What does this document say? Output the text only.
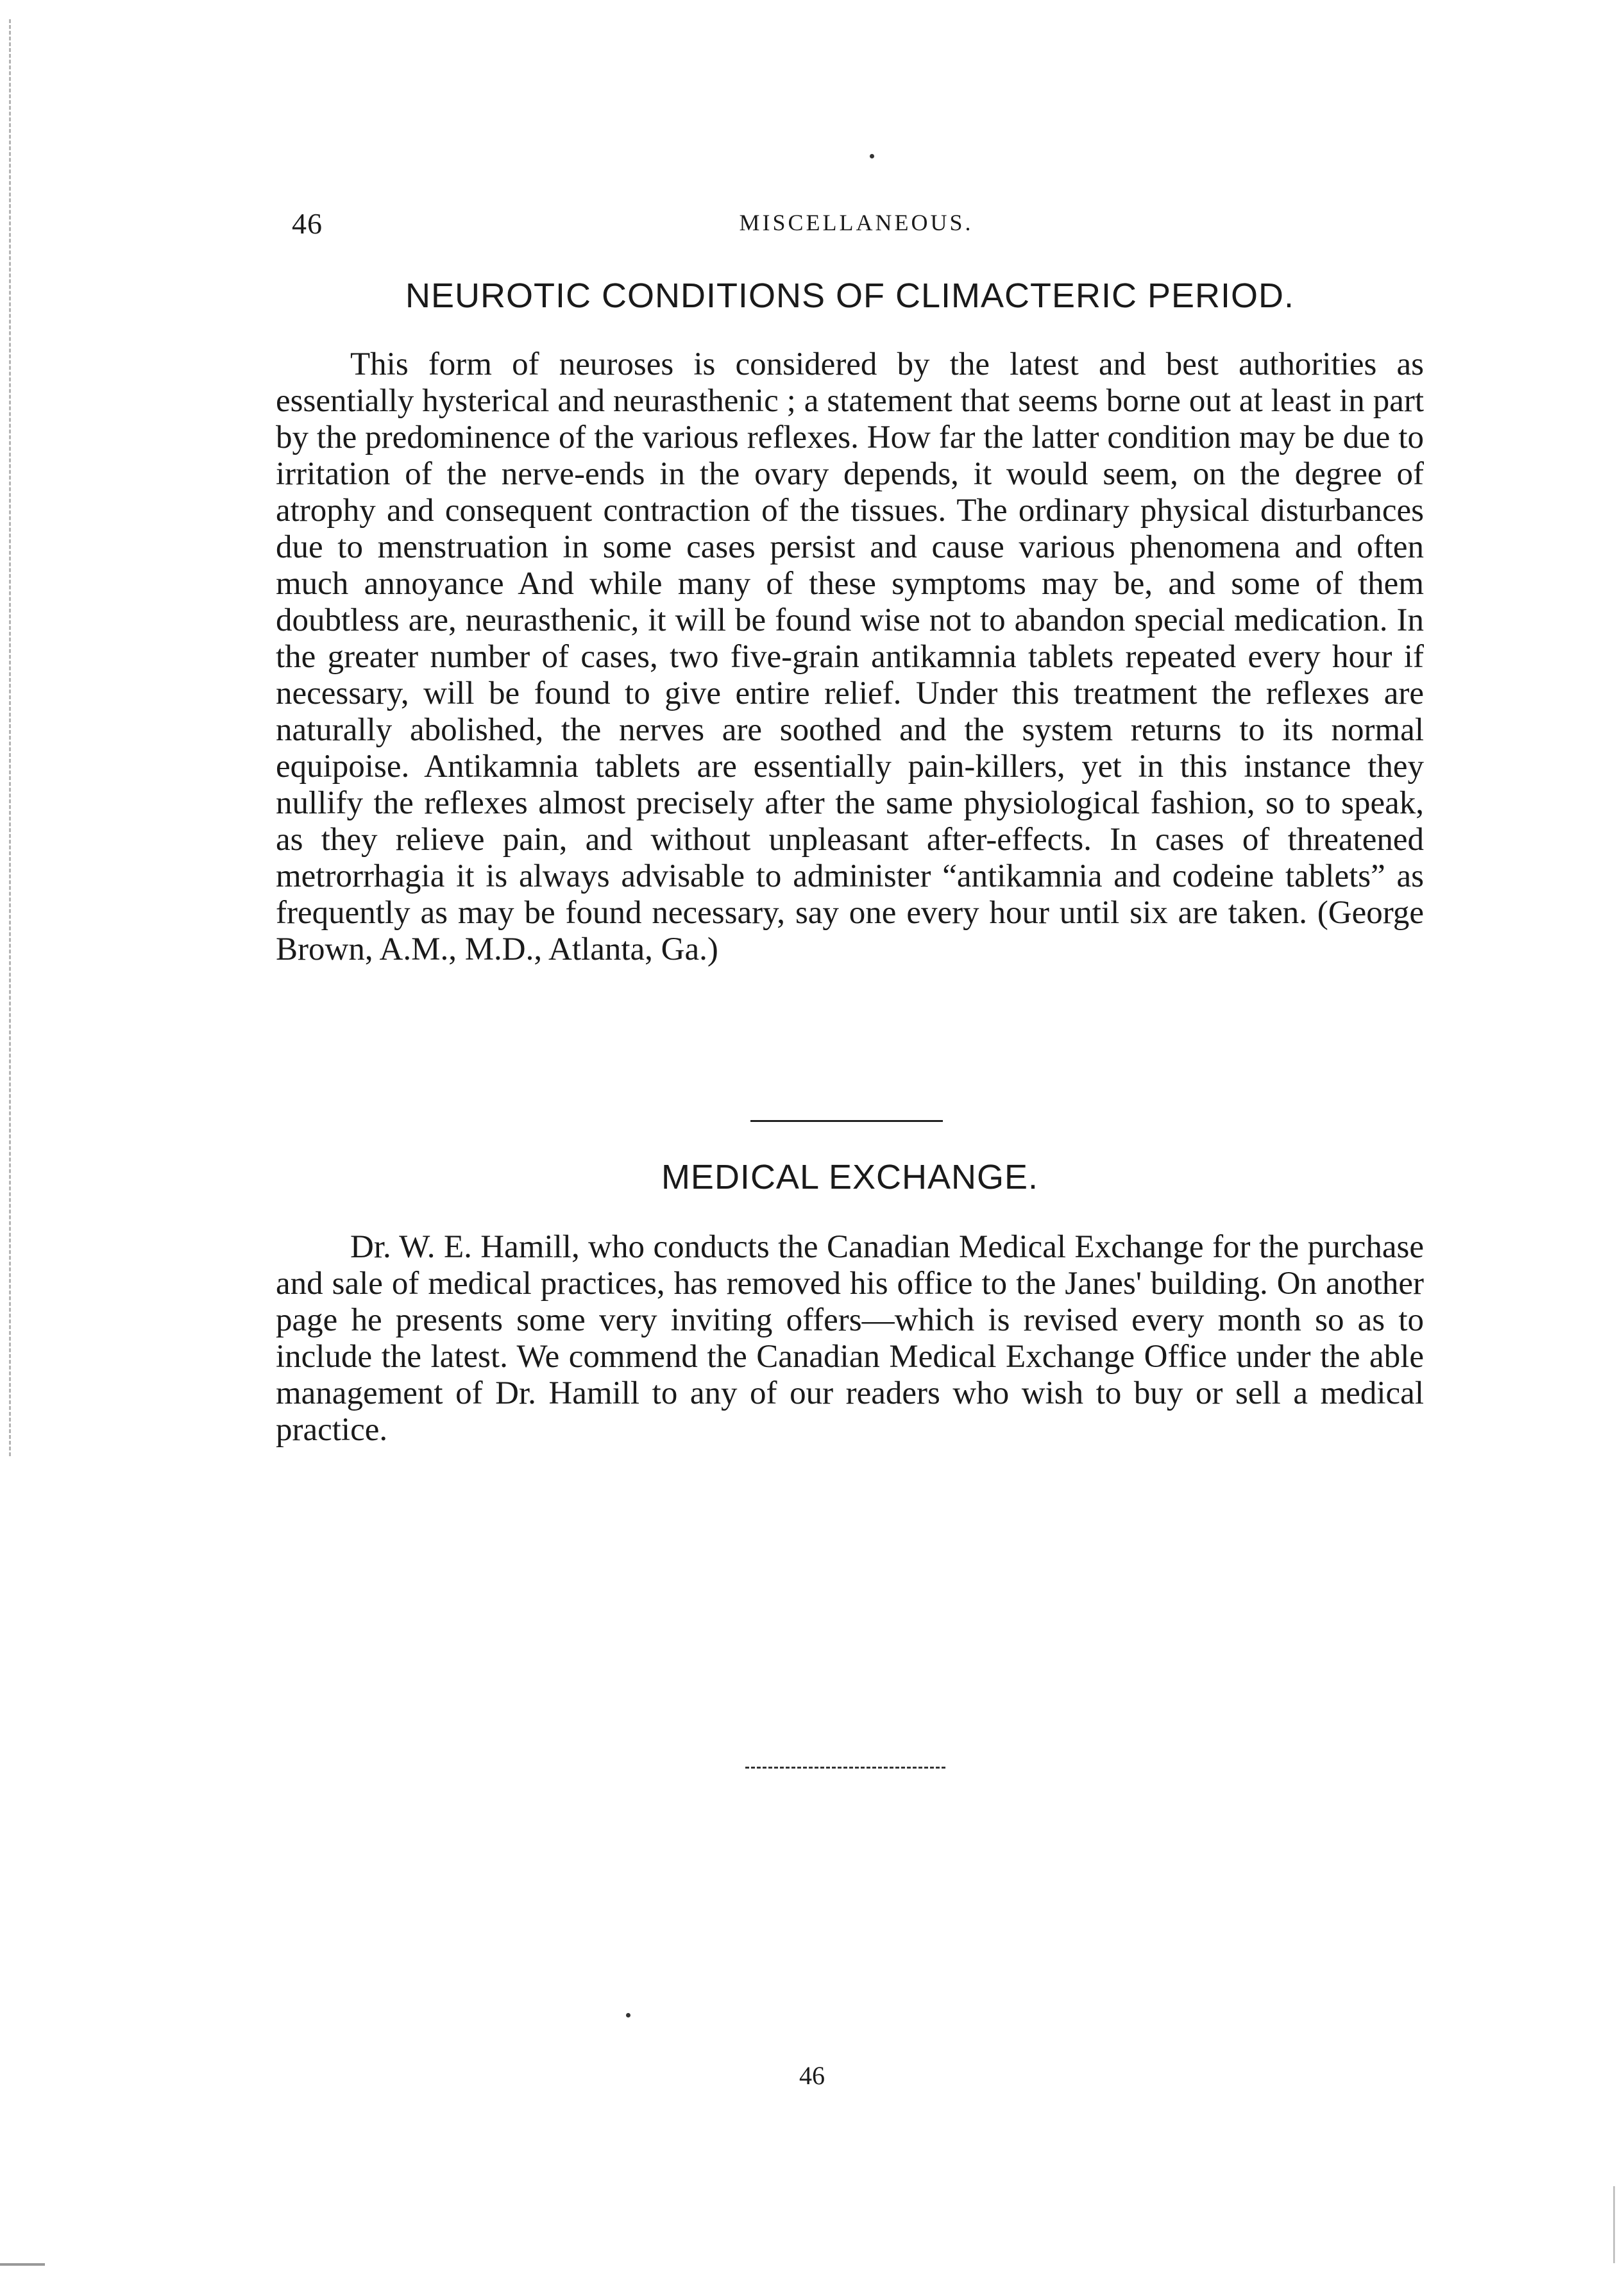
46	MISCELLANEOUS.
NEUROTIC CONDITIONS OF CLIMACTERIC PERIOD.

This form of neuroses is considered by the latest and best authorities as essentially hysterical and neurasthenic ; a statement that seems borne out at least in part by the predominence of the various reflexes. How far the latter condition may be due to irritation of the nerve-ends in the ovary depends, it would seem, on the degree of atrophy and consequent contraction of the tissues. The ordinary physical disturbances due to menstruation in some cases persist and cause various phenomena and often much annoyance And while many of these symptoms may be, and some of them doubtless are, neurasthenic, it will be found wise not to abandon special medication. In the greater number of cases, two five-grain antikamnia tablets repeated every hour if necessary, will be found to give entire relief. Under this treatment the reflexes are naturally abolished, the nerves are soothed and the system returns to its normal equipoise. Antikamnia tablets are essentially pain-killers, yet in this instance they nullify the reflexes almost precisely after the same physiological fashion, so to speak, as they relieve pain, and without unpleasant after-effects. In cases of threatened metrorrhagia it is always advisable to administer “antikamnia and codeine tablets” as frequently as may be found necessary, say one every hour until six are taken. (George Brown, A.M., M.D., Atlanta, Ga.)

MEDICAL EXCHANGE.

Dr. W. E. Hamill, who conducts the Canadian Medical Exchange for the purchase and sale of medical practices, has removed his office to the Janes' building. On another page he presents some very inviting offers—which is revised every month so as to include the latest. We commend the Canadian Medical Exchange Office under the able management of Dr. Hamill to any of our readers who wish to buy or sell a medical practice.

46
